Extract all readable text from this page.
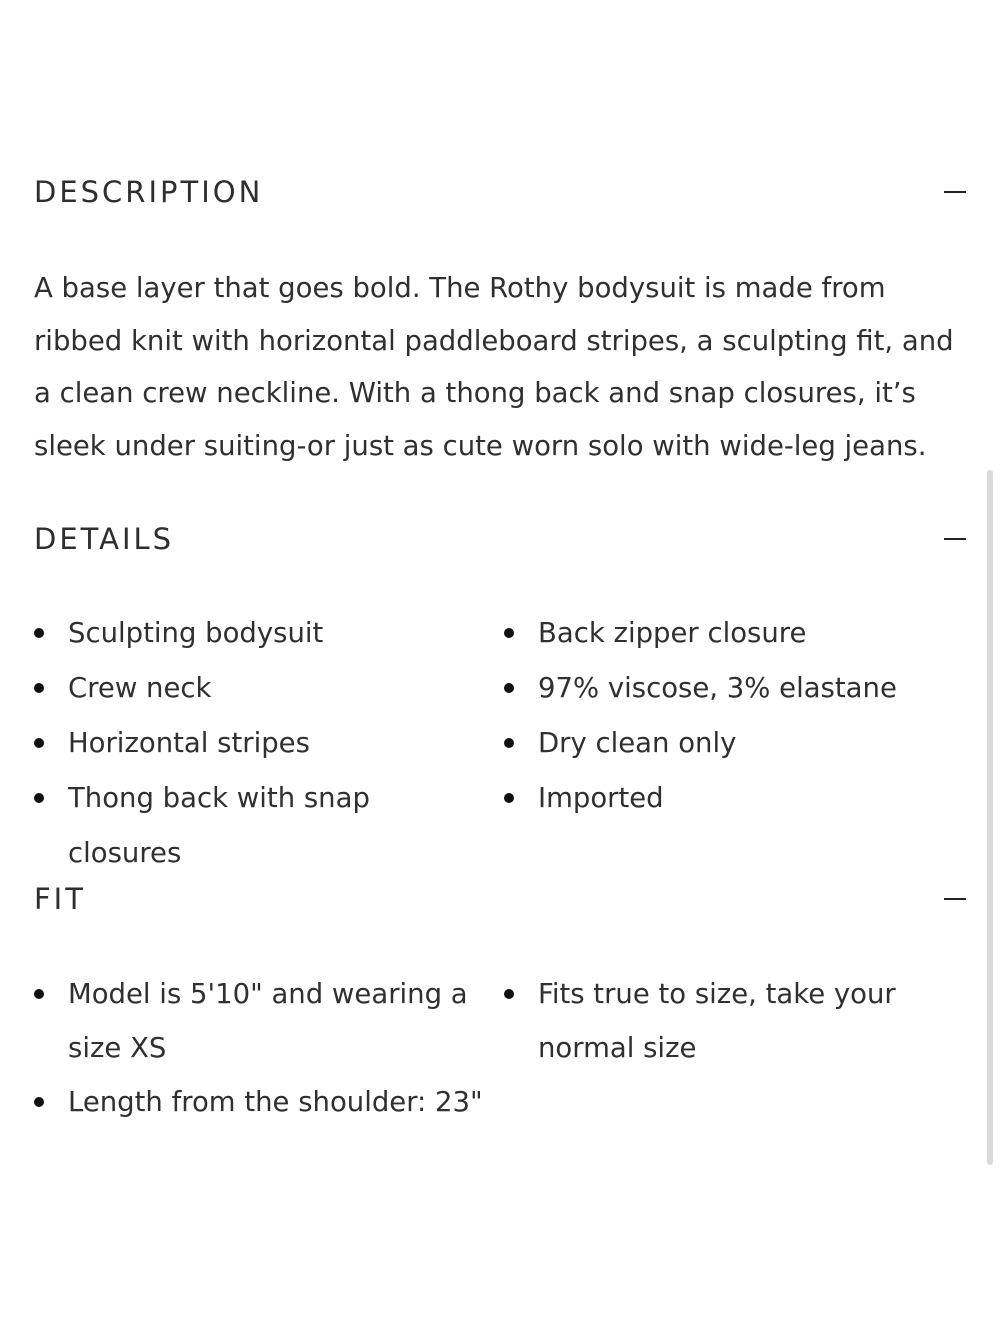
DESCRIPTION

A base layer that goes bold. The Rothy bodysuit is made from ribbed knit with horizontal paddleboard stripes, a sculpting fit, and a clean crew neckline. With a thong back and snap closures, it’s sleek under suiting-or just as cute worn solo with wide-leg jeans.

DETAILS
Sculpting bodysuit
Crew neck
Horizontal stripes
Thong back with snap closures
Back zipper closure
97% viscose, 3% elastane
Dry clean only
Imported
FIT
Model is 5'10" and wearing a size XS
Length from the shoulder: 23"
Fits true to size, take your normal size
